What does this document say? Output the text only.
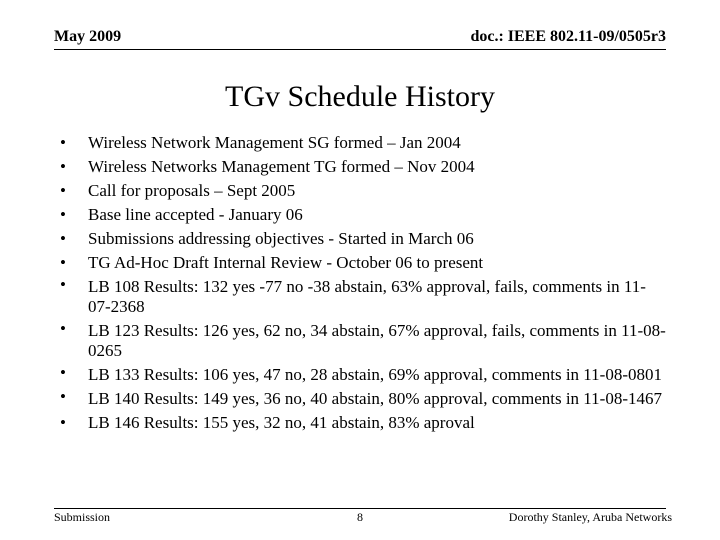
May 2009	doc.: IEEE 802.11-09/0505r3
TGv Schedule History
• Wireless Network Management SG formed – Jan 2004
• Wireless Networks Management TG formed – Nov 2004
• Call for proposals – Sept 2005
• Base line accepted - January 06
• Submissions addressing objectives - Started in March 06
• TG Ad-Hoc Draft Internal Review - October 06 to present
• LB 108 Results: 132 yes -77 no -38 abstain, 63% approval, fails, comments in 11-07-2368
• LB 123 Results: 126 yes, 62 no, 34 abstain, 67% approval, fails, comments in 11-08-0265
• LB 133 Results: 106 yes, 47 no, 28 abstain, 69% approval, comments in 11-08-0801
• LB 140 Results: 149 yes, 36 no, 40 abstain, 80% approval, comments in 11-08-1467
• LB 146 Results: 155 yes, 32 no, 41 abstain, 83% aproval
Submission	8	Dorothy Stanley, Aruba Networks
